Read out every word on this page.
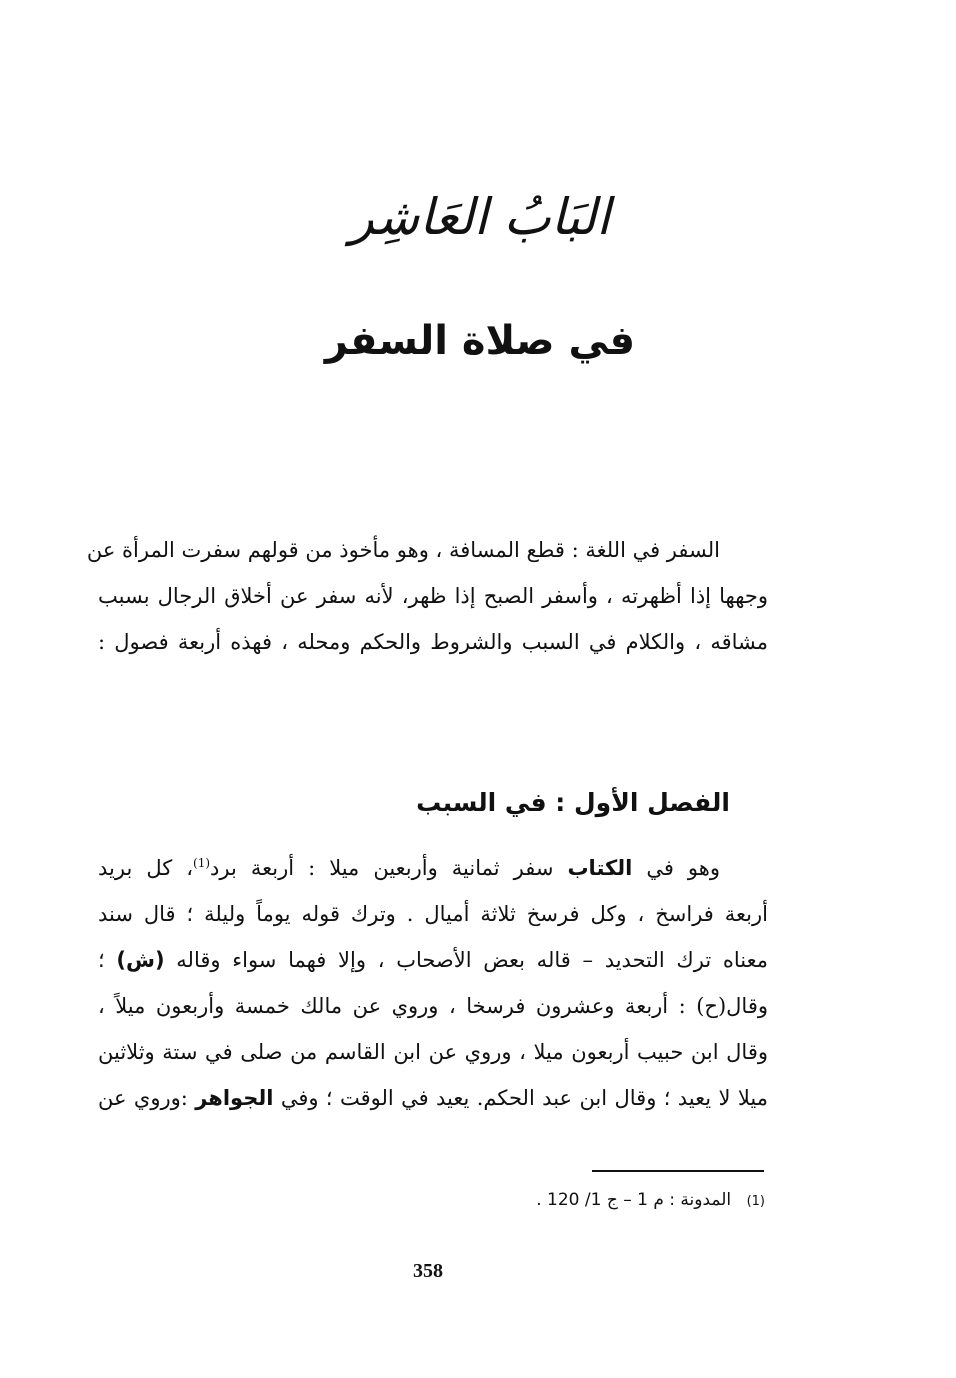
البَابُ العَاشِر
في صلاة السفر
السفر في اللغة : قطع المسافة ، وهو مأخوذ من قولهم سفرت المرأة عن
وجهها إذا أظهرته ، وأسفر الصبح إذا ظهر، لأنه سفر عن أخلاق الرجال بسبب
مشاقه ، والكلام في السبب والشروط والحكم ومحله ، فهذه أربعة فصول :
الفصل الأول : في السبب
وهو في الكتاب سفر ثمانية وأربعين ميلا : أربعة برد$^{(1)}$، كل بريد
أربعة فراسخ ، وكل فرسخ ثلاثة أميال . وترك قوله يوماً وليلة ؛ قال سند
معناه ترك التحديد – قاله بعض الأصحاب ، وإلا فهما سواء وقاله (ش) ؛
وقال(ح) : أربعة وعشرون فرسخا ، وروي عن مالك خمسة وأربعون ميلاً ،
وقال ابن حبيب أربعون ميلا ، وروي عن ابن القاسم من صلى في ستة وثلاثين
ميلا لا يعيد ؛ وقال ابن عبد الحكم. يعيد في الوقت ؛ وفي الجواهر :وروي عن
(1) المدونة : م 1 – ج 1/ 120 .
358
